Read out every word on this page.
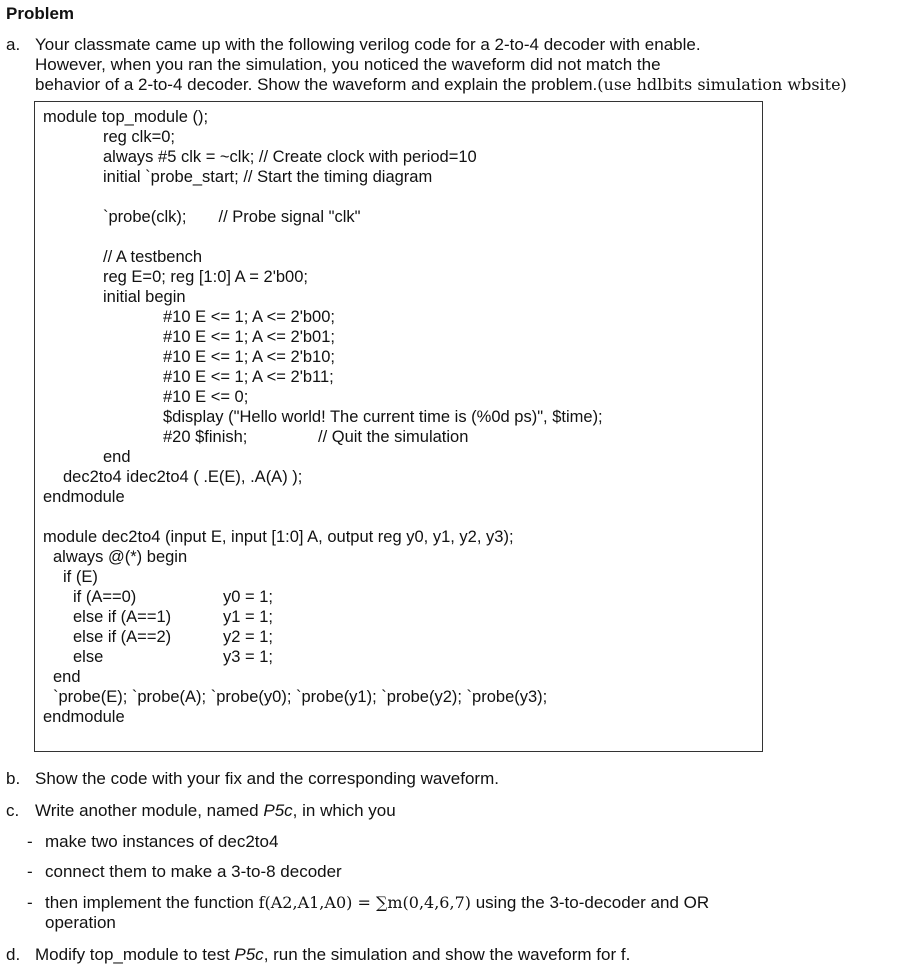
Problem
a. Your classmate came up with the following verilog code for a 2-to-4 decoder with enable.
However, when you ran the simulation, you noticed the waveform did not match the
behavior of a 2-to-4 decoder. Show the waveform and explain the problem.(use hdlbits simulation wbsite)
module top_module ();
reg clk=0;
always #5 clk = ~clk; // Create clock with period=10
initial `probe_start; // Start the timing diagram
`probe(clk);       // Probe signal "clk"
// A testbench
reg E=0; reg [1:0] A = 2'b00;
initial begin
#10 E <= 1; A <= 2'b00;
#10 E <= 1; A <= 2'b01;
#10 E <= 1; A <= 2'b10;
#10 E <= 1; A <= 2'b11;
#10 E <= 0;
$display ("Hello world! The current time is (%0d ps)", $time);
#20 $finish;	// Quit the simulation
end
dec2to4 idec2to4 ( .E(E), .A(A) );
endmodule
module dec2to4 (input E, input [1:0] A, output reg y0, y1, y2, y3);
always @(*) begin
if (E)
if (A==0)	y0 = 1;
else if (A==1)	y1 = 1;
else if (A==2)	y2 = 1;
else	y3 = 1;
end
`probe(E); `probe(A); `probe(y0); `probe(y1); `probe(y2); `probe(y3);
endmodule
b. Show the code with your fix and the corresponding waveform.
c. Write another module, named P5c, in which you
- make two instances of dec2to4
- connect them to make a 3-to-8 decoder
- then implement the function f(A2,A1,A0) = ∑m(0,4,6,7) using the 3-to-decoder and OR
operation
d. Modify top_module to test P5c, run the simulation and show the waveform for f.
